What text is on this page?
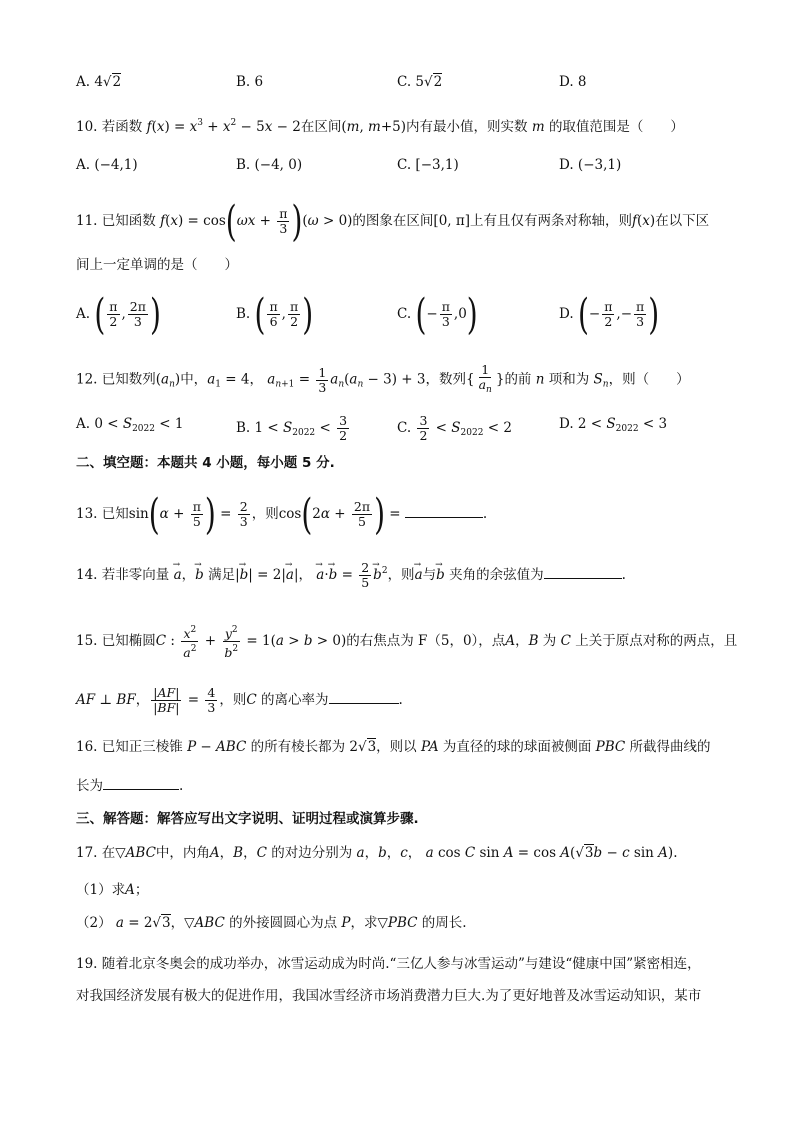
A. 4√2	B. 6	C. 5√2	D. 8
10. 若函数 $f(x) = x^3 + x^2 - 5x - 2$在区间(m, m+5)内有最小值，则实数 m 的取值范围是（　　）
A. (−4,1)	B. (−4, 0)	C. [−3,1)	D. (−3,1)
11. 已知函数 $f(x) = \cos(\omega x + \frac{\pi}{3} )(\omega > 0)$的图象在区间[0, π]上有且仅有两条对称轴，则f(x)在以下区
间上一定单调的是（　　）
A. ( $\frac{\pi}{2}$ , $\frac{2\pi}{3}$ )	B. ( $\frac{\pi}{6}$ , $\frac{\pi}{2}$ )	C. (− $\frac{\pi}{3} ,0$)	D. (− $\frac{\pi}{2}$ ,− $\frac{\pi}{3}$ )
12. 已知数列$(a_n)$中，$a_1 = 4$， $a_{n+1} = \frac{1}{3} a_n(a_n - 3) + 3$，数列{ $\frac{1}{a_n}$ }的前 n 项和为 $S_n$，则（　　）
A. $0 < S_{2022} < 1$	B. $1 < S_{2022} < \frac{3}{2}$	C. $\frac{3}{2} < S_{2022} < 2$	D. $2 < S_{2022} < 3$
二、填空题：本题共 4 小题，每小题 5 分.
13. 已知$\sin(\alpha + \frac{\pi}{5}$ ) = $\frac{2}{3}$ ，则$\cos(2\alpha + \frac{2\pi}{5}$ ) =	.
14. 若非零向量 → a，→ b 满足|→ b| = 2|→ a|， → $a\cdot\to b = \frac{2}{5}$
→ $b^2$，则→ a与→ b 夹角的余弦值为	.
15. 已知椭圆C : $\frac{x^2}{a^2} + \frac{y^2}{b^2} = 1(a > b > 0)$的右焦点为 F（5，0），点A，B 为 C 上关于原点对称的两点，且
AF ⊥ BF， $\frac{|AF|}{|BF|} = \frac{4}{3}$ ，则C 的离心率为	.
16. 已知正三棱锥 P − ABC 的所有棱长都为 2√3，则以 PA 为直径的球的球面被侧面 PBC 所截得曲线的
长为	.
三、解答题：解答应写出文字说明、证明过程或演算步骤.
17. 在▽ABC中，内角A，B，C 的对边分别为 a，b，c， a cos C sin A = cos A(√3b − c sin A).
（1）求A；
（2） a = 2√3，▽ABC 的外接圆圆心为点 P，求▽PBC 的周长.
19. 随着北京冬奥会的成功举办，冰雪运动成为时尚.“三亿人参与冰雪运动”与建设“健康中国”紧密相连，
对我国经济发展有极大的促进作用，我国冰雪经济市场消费潜力巨大.为了更好地普及冰雪运动知识，某市
